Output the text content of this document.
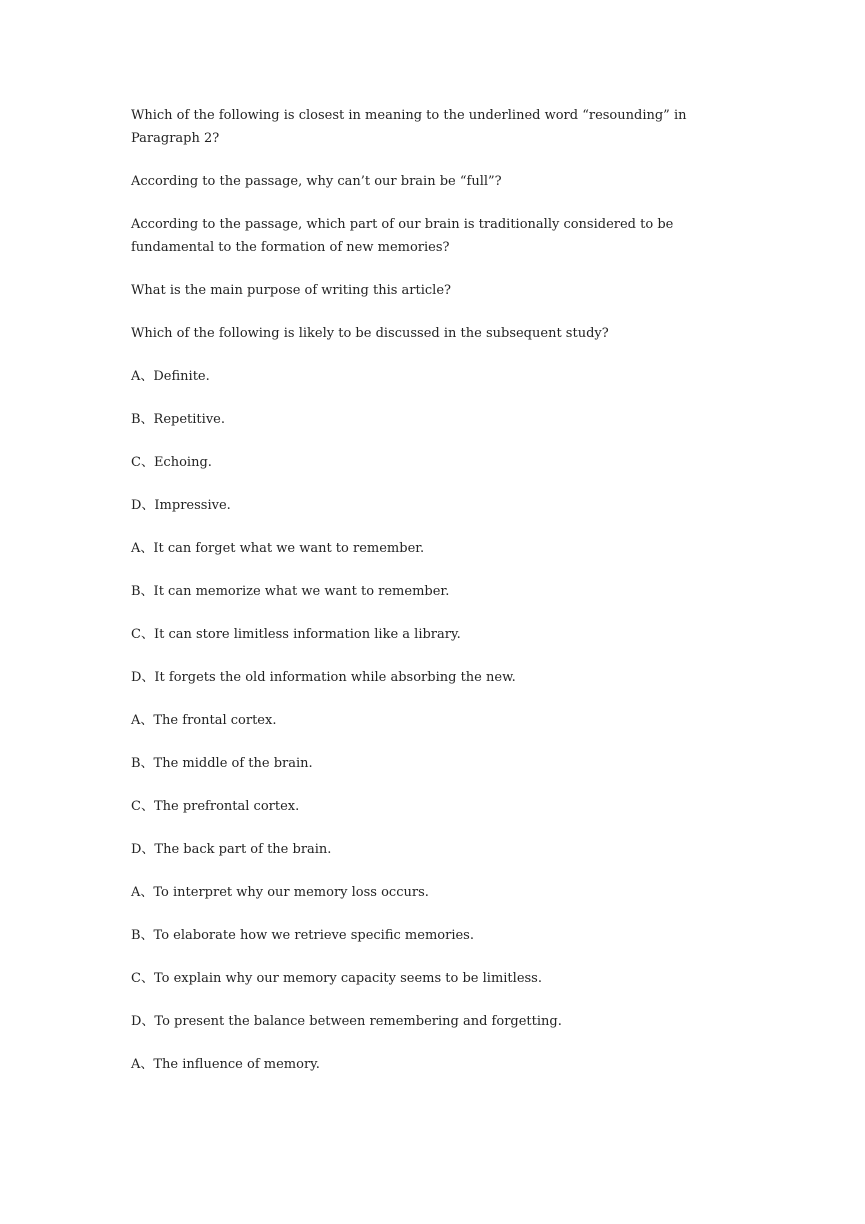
Which of the following is closest in meaning to the underlined word “resounding” in Paragraph 2?

According to the passage, why can’t our brain be “full”?

According to the passage, which part of our brain is traditionally considered to be fundamental to the formation of new memories?

What is the main purpose of writing this article?

Which of the following is likely to be discussed in the subsequent study?

A、Definite.

B、Repetitive.

C、Echoing.

D、Impressive.

A、It can forget what we want to remember.

B、It can memorize what we want to remember.

C、It can store limitless information like a library.

D、It forgets the old information while absorbing the new.

A、The frontal cortex.

B、The middle of the brain.

C、The prefrontal cortex.

D、The back part of the brain.

A、To interpret why our memory loss occurs.

B、To elaborate how we retrieve specific memories.

C、To explain why our memory capacity seems to be limitless.

D、To present the balance between remembering and forgetting.

A、The influence of memory.
